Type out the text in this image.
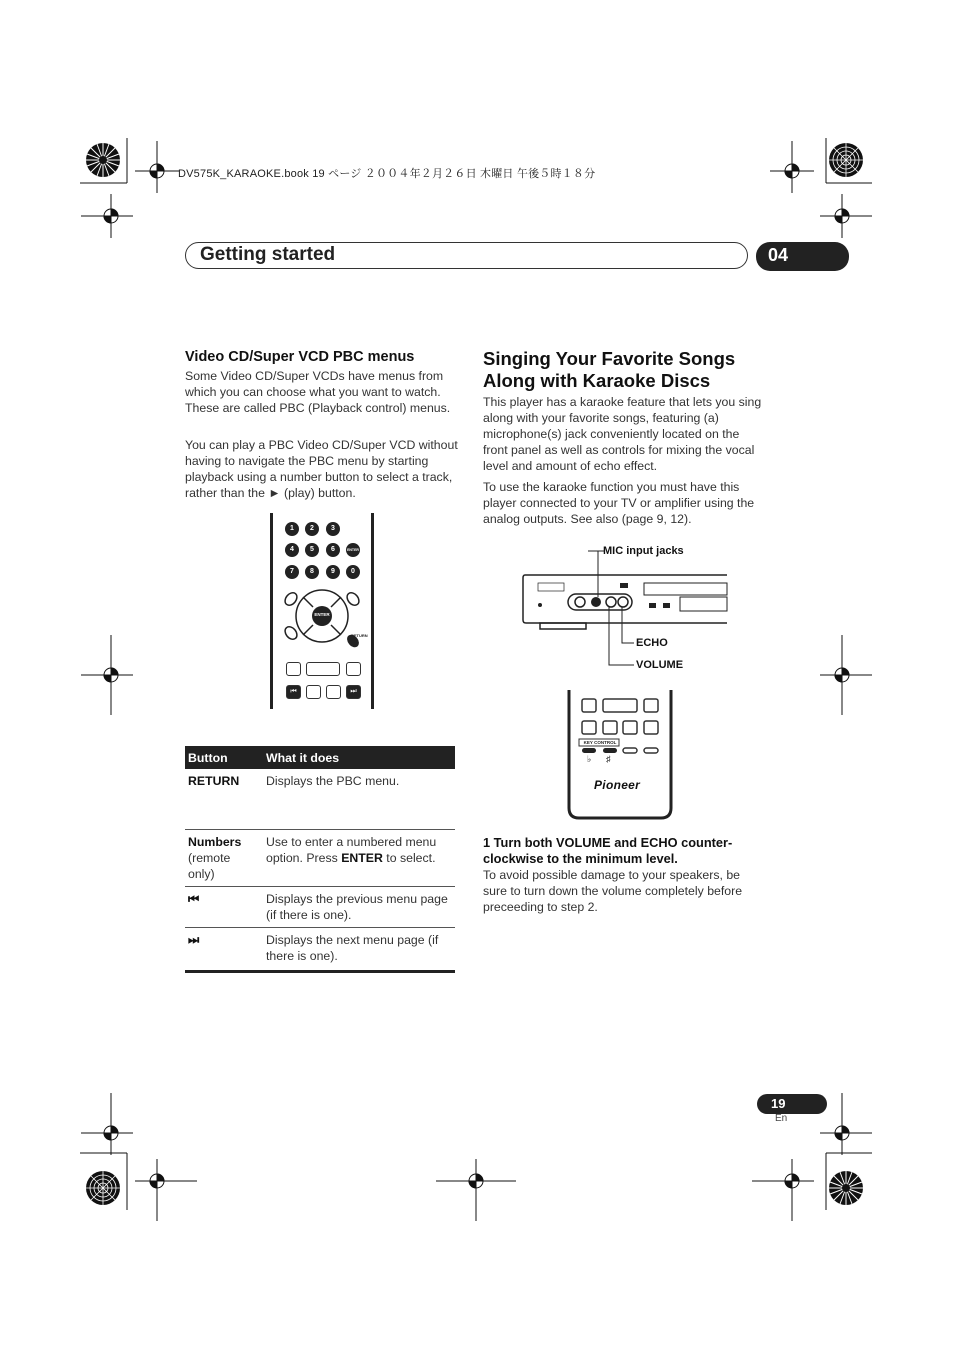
DV575K_KARAOKE.book 19 ページ ２００４年２月２６日 木曜日 午後５時１８分
Getting started	04
Video CD/Super VCD PBC menus

Some Video CD/Super VCDs have menus from which you can choose what you want to watch. These are called PBC (Playback control) menus.

You can play a PBC Video CD/Super VCD without having to navigate the PBC menu by starting playback using a number button to select a track, rather than the ► (play) button.

1	2	3
4	5	6	ENTER
7	8	9	0
ENTER
RETURN
⏮	⏭
Button	What it does
RETURN	Displays the PBC menu.
Numbers
(remote only)	Use to enter a numbered menu option. Press ENTER to select.
⏮	Displays the previous menu page (if there is one).
⏭	Displays the next menu page (if there is one).
Singing Your Favorite Songs Along with Karaoke Discs

This player has a karaoke feature that lets you sing along with your favorite songs, featuring (a) microphone(s) jack conveniently located on the front panel as well as controls for mixing the vocal level and amount of echo effect.

To use the karaoke function you must have this player connected to your TV or amplifier using the analog outputs. See also (page 9, 12).

MIC input jacks
ECHO
VOLUME
KEY CONTROL
♭ ♯
Pioneer

1 Turn both VOLUME and ECHO counter-clockwise to the minimum level.

To avoid possible damage to your speakers, be sure to turn down the volume completely before preceeding to step 2.

19
En
